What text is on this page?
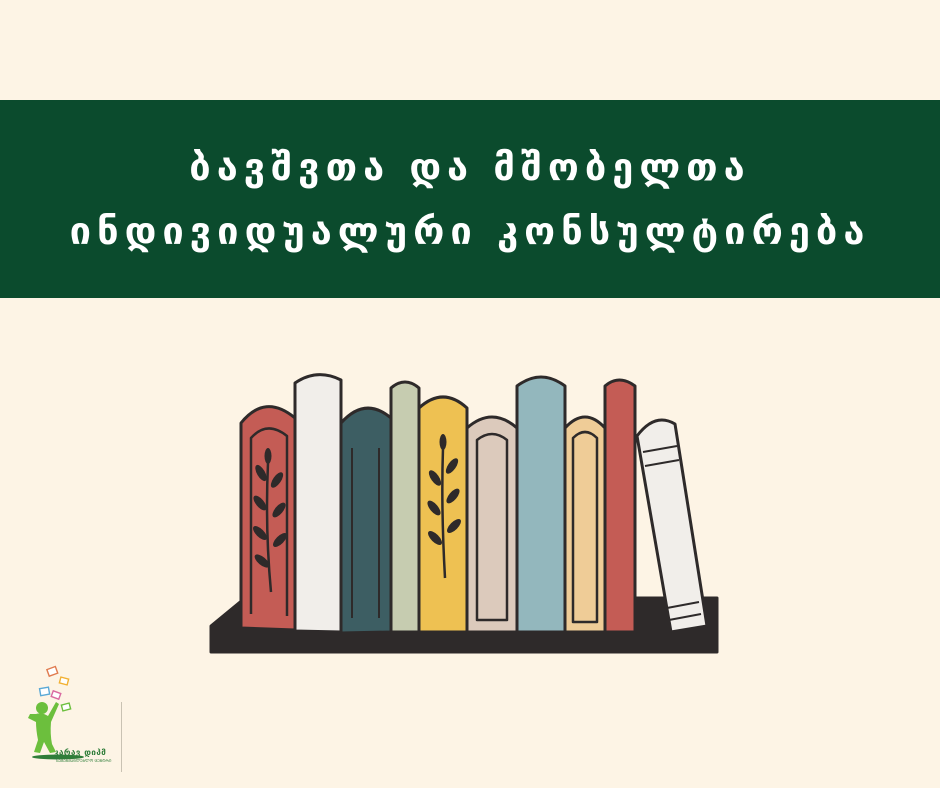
ბავშვთა და მშობელთა
ინდივიდუალური კონსულტირება
კარავ დიპმ
ᲡᲐᲒᲐᲜᲛᲐᲜᲚᲔᲑᲚᲝ ᲪᲔᲜᲢᲠᲘ
